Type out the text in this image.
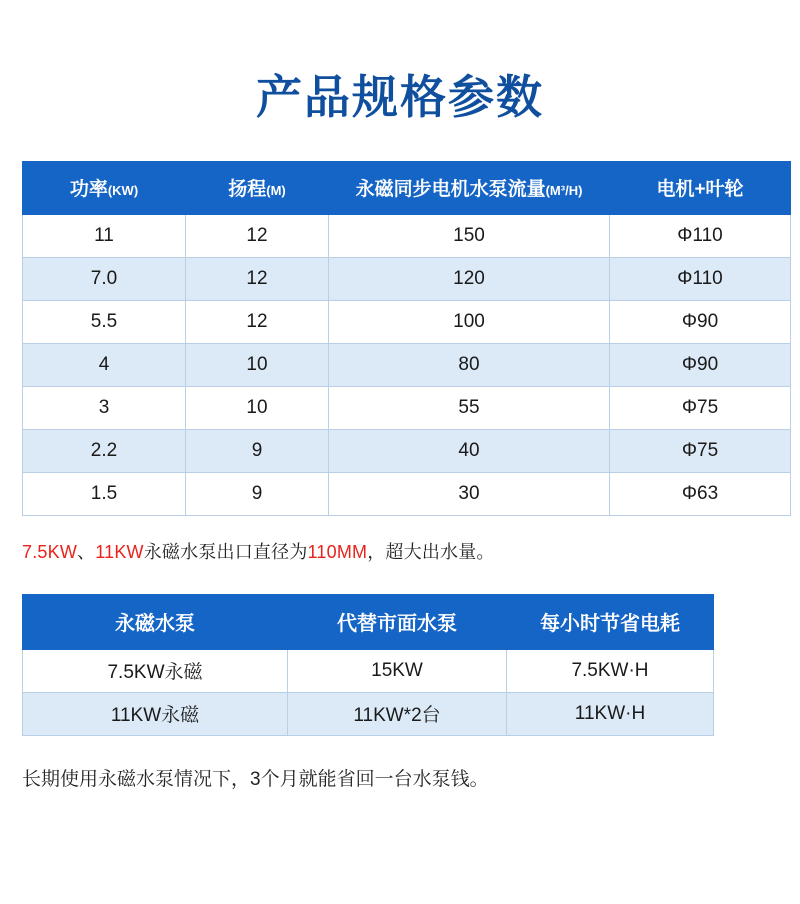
产品规格参数
功率(KW)	扬程(M)	永磁同步电机水泵流量(M³/H)	电机+叶轮
11	12	150	Φ110
7.0	12	120	Φ110
5.5	12	100	Φ90
4	10	80	Φ90
3	10	55	Φ75
2.2	9	40	Φ75
1.5	9	30	Φ63
7.5KW、11KW永磁水泵出口直径为110MM，超大出水量。
永磁水泵	代替市面水泵	每小时节省电耗
7.5KW永磁	15KW	7.5KW·H
11KW永磁	11KW*2台	11KW·H
长期使用永磁水泵情况下，3个月就能省回一台水泵钱。
